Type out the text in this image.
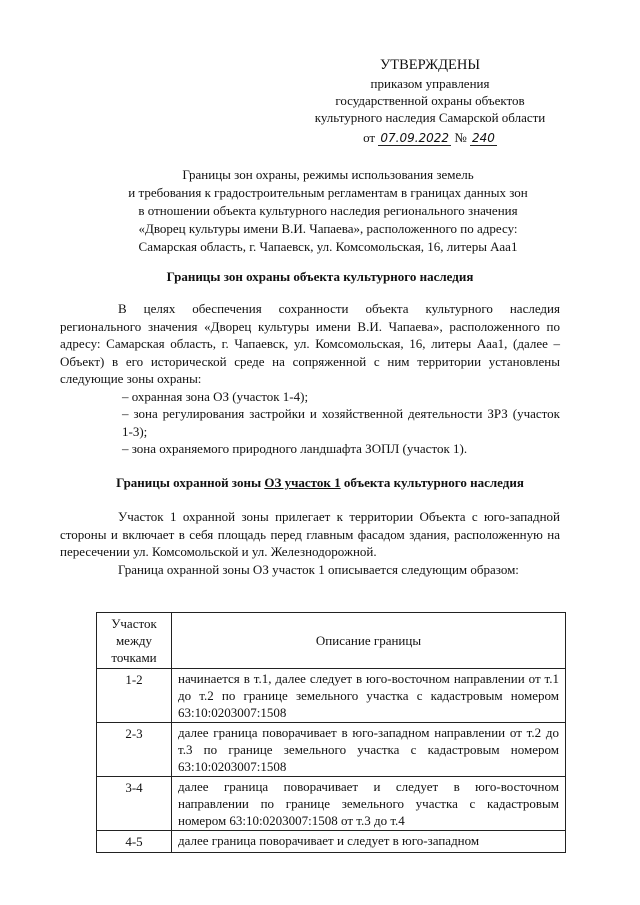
УТВЕРЖДЕНЫ
приказом управления
государственной охраны объектов
культурного наследия Самарской области
от 07.09.2022 № 240
Границы зон охраны, режимы использования земель
и требования к градостроительным регламентам в границах данных зон
в отношении объекта культурного наследия регионального значения
«Дворец культуры имени В.И. Чапаева», расположенного по адресу:
Самарская область, г. Чапаевск, ул. Комсомольская, 16, литеры Ааа1
Границы зон охраны объекта культурного наследия

В целях обеспечения сохранности объекта культурного наследия регионального значения «Дворец культуры имени В.И. Чапаева», расположенного по адресу: Самарская область, г. Чапаевск, ул. Комсомольская, 16, литеры Ааа1, (далее – Объект) в его исторической среде на сопряженной с ним территории установлены следующие зоны охраны:

– охранная зона ОЗ (участок 1-4);

– зона регулирования застройки и хозяйственной деятельности ЗРЗ (участок 1-3);

– зона охраняемого природного ландшафта ЗОПЛ (участок 1).

Границы охранной зоны ОЗ участок 1 объекта культурного наследия

Участок 1 охранной зоны прилегает к территории Объекта с юго-западной стороны и включает в себя площадь перед главным фасадом здания, расположенную на пересечении ул. Комсомольской и ул. Железнодорожной.

Граница охранной зоны ОЗ участок 1 описывается следующим образом:

Участок между точками	Описание границы
1-2	начинается в т.1, далее следует в юго-восточном направлении от т.1 до т.2 по границе земельного участка с кадастровым номером 63:10:0203007:1508
2-3	далее граница поворачивает в юго-западном направлении от т.2 до т.3 по границе земельного участка с кадастровым номером 63:10:0203007:1508
3-4	далее граница поворачивает и следует в юго-восточном направлении по границе земельного участка с кадастровым номером 63:10:0203007:1508 от т.3 до т.4
4-5	далее граница поворачивает и следует в юго-западном
